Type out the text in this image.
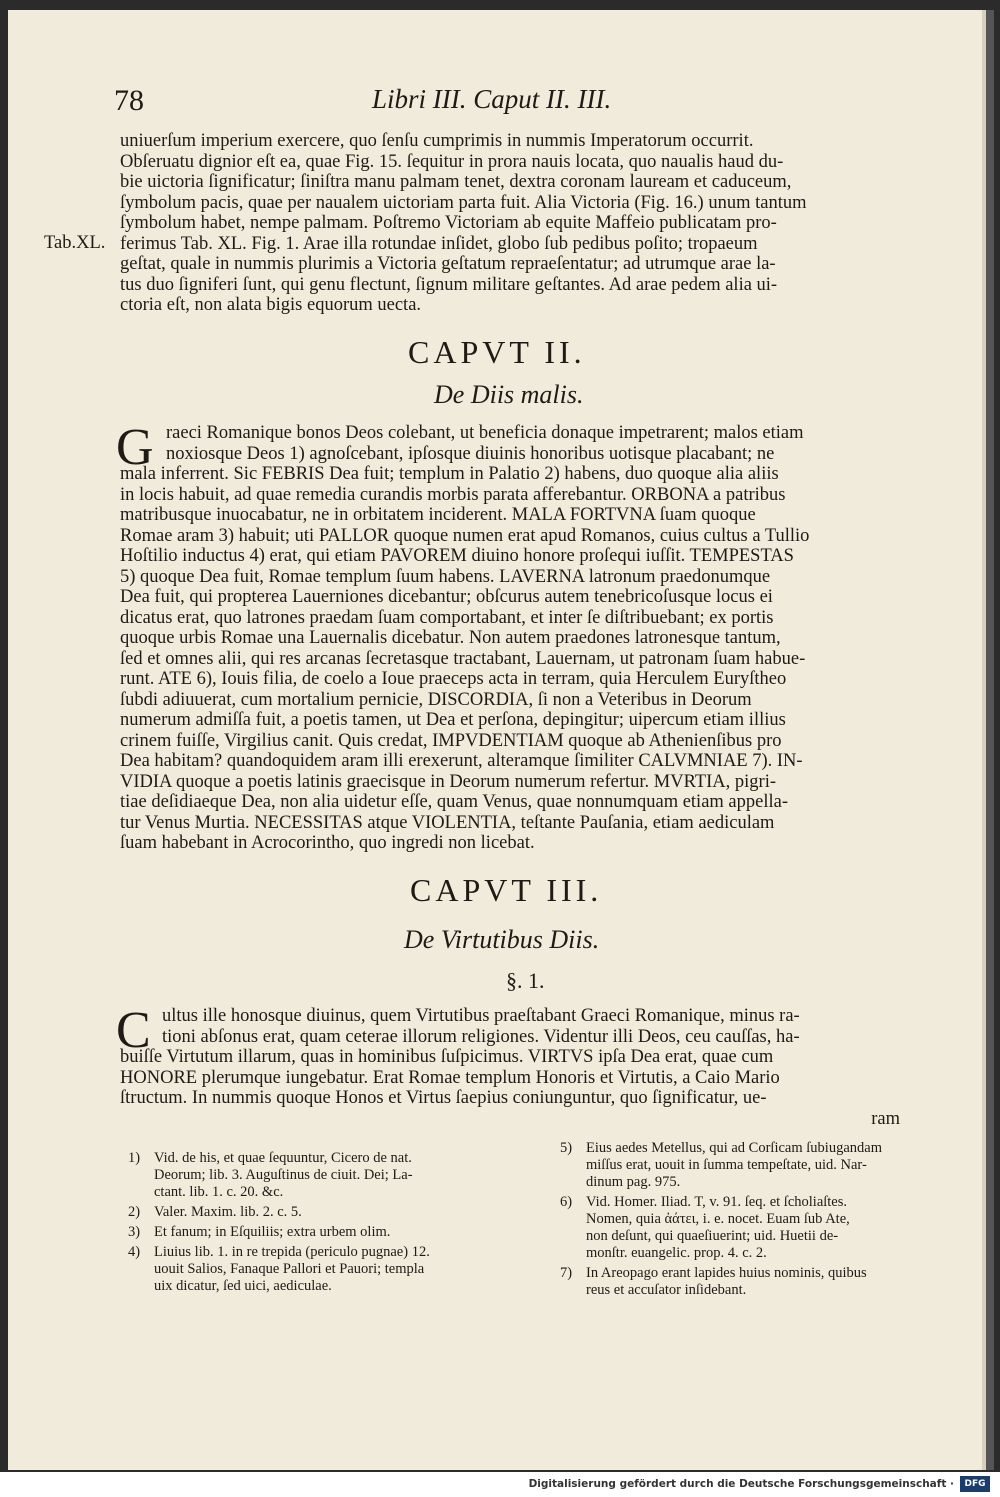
78	Libri III. Caput II. III.
Tab.XL.
uniuerſum imperium exercere, quo ſenſu cumprimis in nummis Imperatorum occurrit.
Obſeruatu dignior eſt ea, quae Fig. 15. ſequitur in prora nauis locata, quo naualis haud du-
bie uictoria ſignificatur; ſiniſtra manu palmam tenet, dextra coronam lauream et caduceum,
ſymbolum pacis, quae per naualem uictoriam parta fuit. Alia Victoria (Fig. 16.) unum tantum
ſymbolum habet, nempe palmam. Poſtremo Victoriam ab equite Maffeio publicatam pro-
ferimus Tab. XL. Fig. 1. Arae illa rotundae inſidet, globo ſub pedibus poſito; tropaeum
geſtat, quale in nummis plurimis a Victoria geſtatum repraeſentatur; ad utrumque arae la-
tus duo ſigniferi ſunt, qui genu flectunt, ſignum militare geſtantes. Ad arae pedem alia ui-
ctoria eſt, non alata bigis equorum uecta.
CAPVT II.
De Diis malis.
G raeci Romanique bonos Deos colebant, ut beneficia donaque impetrarent; malos etiam
noxiosque Deos 1) agnoſcebant, ipſosque diuinis honoribus uotisque placabant; ne
mala inferrent. Sic FEBRIS Dea fuit; templum in Palatio 2) habens, duo quoque alia aliis
in locis habuit, ad quae remedia curandis morbis parata afferebantur. ORBONA a patribus
matribusque inuocabatur, ne in orbitatem inciderent. MALA FORTVNA ſuam quoque
Romae aram 3) habuit; uti PALLOR quoque numen erat apud Romanos, cuius cultus a Tullio
Hoſtilio inductus 4) erat, qui etiam PAVOREM diuino honore proſequi iuſſit. TEMPESTAS
5) quoque Dea fuit, Romae templum ſuum habens. LAVERNA latronum praedonumque
Dea fuit, qui propterea Lauerniones dicebantur; obſcurus autem tenebricoſusque locus ei
dicatus erat, quo latrones praedam ſuam comportabant, et inter ſe diſtribuebant; ex portis
quoque urbis Romae una Lauernalis dicebatur. Non autem praedones latronesque tantum,
ſed et omnes alii, qui res arcanas ſecretasque tractabant, Lauernam, ut patronam ſuam habue-
runt. ATE 6), Iouis filia, de coelo a Ioue praeceps acta in terram, quia Herculem Euryſtheo
ſubdi adiuuerat, cum mortalium pernicie, DISCORDIA, ſi non a Veteribus in Deorum
numerum admiſſa fuit, a poetis tamen, ut Dea et perſona, depingitur; uipercum etiam illius
crinem fuiſſe, Virgilius canit. Quis credat, IMPVDENTIAM quoque ab Athenienſibus pro
Dea habitam? quandoquidem aram illi erexerunt, alteramque ſimiliter CALVMNIAE 7). IN-
VIDIA quoque a poetis latinis graecisque in Deorum numerum refertur. MVRTIA, pigri-
tiae deſidiaeque Dea, non alia uidetur eſſe, quam Venus, quae nonnumquam etiam appella-
tur Venus Murtia. NECESSITAS atque VIOLENTIA, teſtante Pauſania, etiam aediculam
ſuam habebant in Acrocorintho, quo ingredi non licebat.
CAPVT III.
De Virtutibus Diis.
§. 1.
C ultus ille honosque diuinus, quem Virtutibus praeſtabant Graeci Romanique, minus ra-
tioni abſonus erat, quam ceterae illorum religiones. Videntur illi Deos, ceu cauſſas, ha-
buiſſe Virtutum illarum, quas in hominibus ſuſpicimus. VIRTVS ipſa Dea erat, quae cum
HONORE plerumque iungebatur. Erat Romae templum Honoris et Virtutis, a Caio Mario
ſtructum. In nummis quoque Honos et Virtus ſaepius coniunguntur, quo ſignificatur, ue-
ram
1) Vid. de his, et quae ſequuntur, Cicero de nat.
Deorum; lib. 3. Auguſtinus de ciuit. Dei; La-
ctant. lib. 1. c. 20. &c.
2) Valer. Maxim. lib. 2. c. 5.
3) Et fanum; in Eſquiliis; extra urbem olim.
4) Liuius lib. 1. in re trepida (periculo pugnae) 12.
uouit Salios, Fanaque Pallori et Pauori; templa
uix dicatur, ſed uici, aediculae.
5) Eius aedes Metellus, qui ad Corſicam ſubiugandam
miſſus erat, uouit in ſumma tempeſtate, uid. Nar-
dinum pag. 975.
6) Vid. Homer. Iliad. T, v. 91. ſeq. et ſcholiaſtes.
Nomen, quia ἀάτει, i. e. nocet. Euam ſub Ate,
non deſunt, qui quaeſiuerint; uid. Huetii de-
monſtr. euangelic. prop. 4. c. 2.
7) In Areopago erant lapides huius nominis, quibus
reus et accuſator inſidebant.
Digitalisierung gefördert durch die Deutsche Forschungsgemeinschaft ·	DFG
